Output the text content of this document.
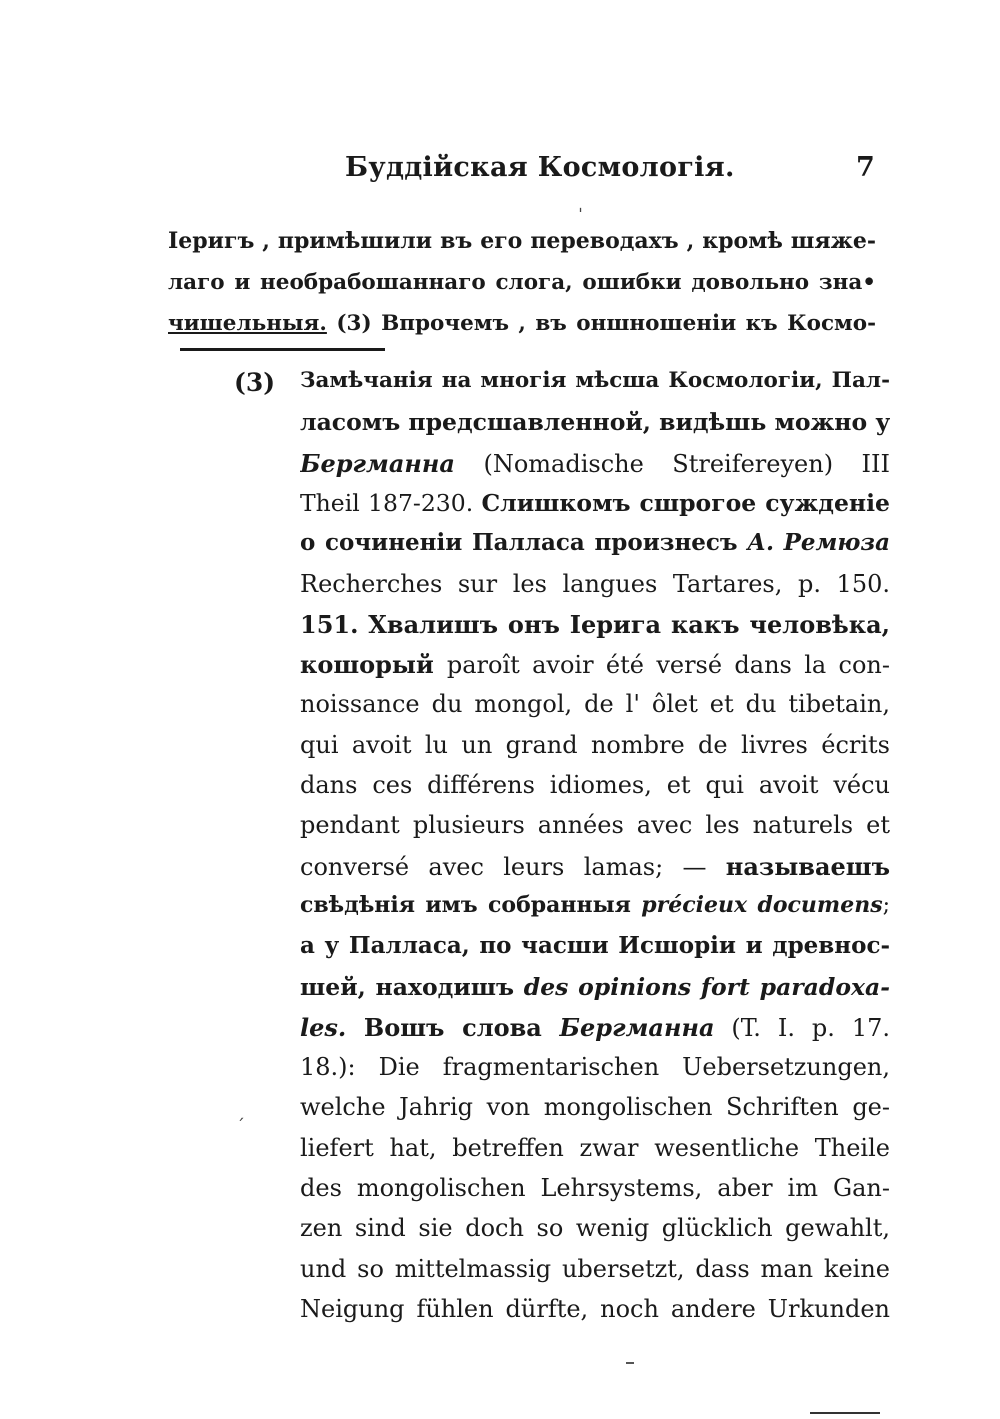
Буддійская Космологія.	7
Іеригъ , примѣшили въ его переводахъ , кромѣ шяже-
лаго и необрабошаннаго слога, ошибки довольно зна•
чишельныя. (3) Впрочемъ , въ оншношеніи къ Космо-
(3) Замѣчанія на многія мѣсша Космологіи, Пал-
ласомъ предсшавленной, видѣшь можно у
Бергманна (Nomadische Streifereyen) III
Theil 187-230. Слишкомъ сшрогое сужденіе
о сочиненіи Палласа произнесъ А. Ремюза
Recherches sur les langues Tartares, p. 150.
151. Хвалишъ онъ Іерига какъ человѣка,
кошорый paroît avoir été versé dans la con-
noissance du mongol, de l' ôlet et du tibetain,
qui avoit lu un grand nombre de livres écrits
dans ces différens idiomes, et qui avoit vécu
pendant plusieurs années avec les naturels et
conversé avec leurs lamas; — называешъ
свѣдѣнія имъ собранныя précieux documens;
а у Палласа, по часши Исшоріи и древнос-
шей, находишъ des opinions fort paradoxa-
les. Вошъ слова Бергманна (T. I. p. 17.
18.): Die fragmentarischen Uebersetzungen,
welche Jahrig von mongolischen Schriften ge-
liefert hat, betreffen zwar wesentliche Theile
des mongolischen Lehrsystems, aber im Gan-
zen sind sie doch so wenig glücklich gewahlt,
und so mittelmassig ubersetzt, dass man keine
Neigung fühlen dürfte, noch andere Urkunden
ˌ
ˊ
